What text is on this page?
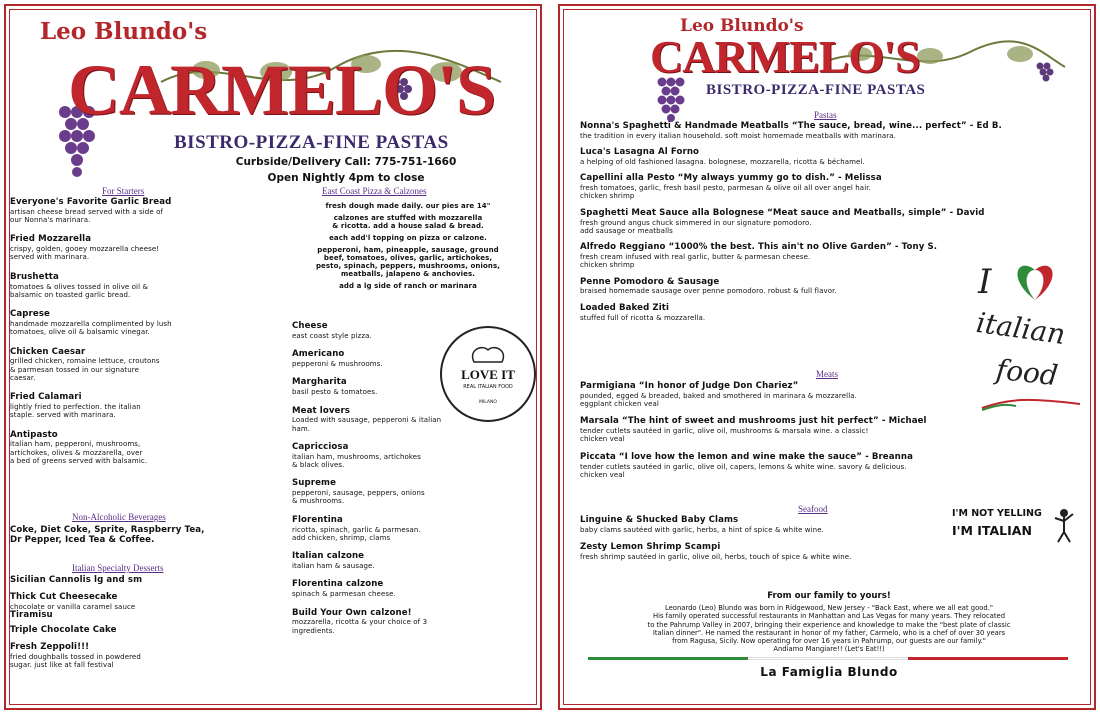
Leo Blundo's
CARMELO'S
BISTRO-PIZZA-FINE PASTAS
Curbside/Delivery Call: 775-751-1660
Open Nightly 4pm to close
For Starters
Non-Alcoholic Beverages
Coke, Diet Coke, Sprite, Raspberry Tea,
Dr Pepper, Iced Tea & Coffee.
Italian Specialty Desserts
East Coast Pizza & Calzones
fresh dough made daily. our pies are 14"
calzones are stuffed with mozzarella
& ricotta. add a house salad & bread.
each add'l topping on pizza or calzone.
pepperoni, ham, pineapple, sausage, ground
beef, tomatoes, olives, garlic, artichokes,
pesto, spinach, peppers, mushrooms, onions,
meatballs, jalapeno & anchovies.
add a lg side of ranch or marinara
LOVE IT
REAL ITALIAN FOOD
MILANO
Everyone's Favorite Garlic Bread
artisan cheese bread served with a side of
our Nonna's marinara.
Fried Mozzarella
crispy, golden, gooey mozzarella cheese!
served with marinara.
Brushetta
tomatoes & olives tossed in olive oil &
balsamic on toasted garlic bread.
Caprese
handmade mozzarella complimented by lush
tomatoes, olive oil & balsamic vinegar.
Chicken Caesar
grilled chicken, romaine lettuce, croutons
& parmesan tossed in our signature
caesar.
Fried Calamari
lightly fried to perfection. the italian
staple. served with marinara.
Antipasto
italian ham, pepperoni, mushrooms,
artichokes, olives & mozzarella, over
a bed of greens served with balsamic.
Sicilian Cannolis lg and sm
Thick Cut Cheesecake
chocolate or vanilla caramel sauce
Tiramisu
Triple Chocolate Cake
Fresh Zeppoli!!!
fried doughballs tossed in powdered
sugar. just like at fall festival
Cheese
east coast style pizza.
Americano
pepperoni & mushrooms.
Margharita
basil pesto & tomatoes.
Meat lovers
Loaded with sausage, pepperoni & italian
ham.
Capricciosa
italian ham, mushrooms, artichokes
& black olives.
Supreme
pepperoni, sausage, peppers, onions
& mushrooms.
Florentina
ricotta, spinach, garlic & parmesan.
add chicken, shrimp, clams
Italian calzone
italian ham & sausage.
Florentina calzone
spinach & parmesan cheese.
Build Your Own calzone!
mozzarella, ricotta & your choice of 3
ingredients.
Leo Blundo's
CARMELO'S
BISTRO-PIZZA-FINE PASTAS
Pastas
Meats
Seafood
I
italian
food
I'M NOT YELLING
I'M ITALIAN
From our family to yours!
Leonardo (Leo) Blundo was born in Ridgewood, New Jersey - "Back East, where we all eat good."
His family operated successful restaurants in Manhattan and Las Vegas for many years. They relocated
to the Pahrump Valley in 2007, bringing their experience and knowledge to make the "best plate of classic
Italian dinner". He named the restaurant in honor of my father, Carmelo, who is a chef of over 30 years
from Ragusa, Sicily. Now operating for over 16 years in Pahrump, our guests are our family."
Andiamo Mangiare!! (Let's Eat!!)
La Famiglia Blundo
Nonna's Spaghetti & Handmade Meatballs “The sauce, bread, wine... perfect” - Ed B.
the tradition in every italian household. soft moist homemade meatballs with marinara.
Luca's Lasagna Al Forno
a helping of old fashioned lasagna. bolognese, mozzarella, ricotta & béchamel.
Capellini alla Pesto “My always yummy go to dish.” - Melissa
fresh tomatoes, garlic, fresh basil pesto, parmesan & olive oil all over angel hair.
chicken shrimp
Spaghetti Meat Sauce alla Bolognese “Meat sauce and Meatballs, simple” - David
fresh ground angus chuck simmered in our signature pomodoro.
add sausage or meatballs
Alfredo Reggiano “1000% the best. This ain't no Olive Garden” - Tony S.
fresh cream infused with real garlic, butter & parmesan cheese.
chicken shrimp
Penne Pomodoro & Sausage
braised homemade sausage over penne pomodoro. robust & full flavor.
Loaded Baked Ziti
stuffed full of ricotta & mozzarella.
Parmigiana “In honor of Judge Don Chariez”
pounded, egged & breaded, baked and smothered in marinara & mozzarella.
eggplant chicken veal
Marsala “The hint of sweet and mushrooms just hit perfect” - Michael
tender cutlets sautéed in garlic, olive oil, mushrooms & marsala wine. a classic!
chicken veal
Piccata “I love how the lemon and wine make the sauce” - Breanna
tender cutlets sautéed in garlic, olive oil, capers, lemons & white wine. savory & delicious.
chicken veal
Linguine & Shucked Baby Clams
baby clams sautéed with garlic, herbs, a hint of spice & white wine.
Zesty Lemon Shrimp Scampi
fresh shrimp sautéed in garlic, olive oil, herbs, touch of spice & white wine.
